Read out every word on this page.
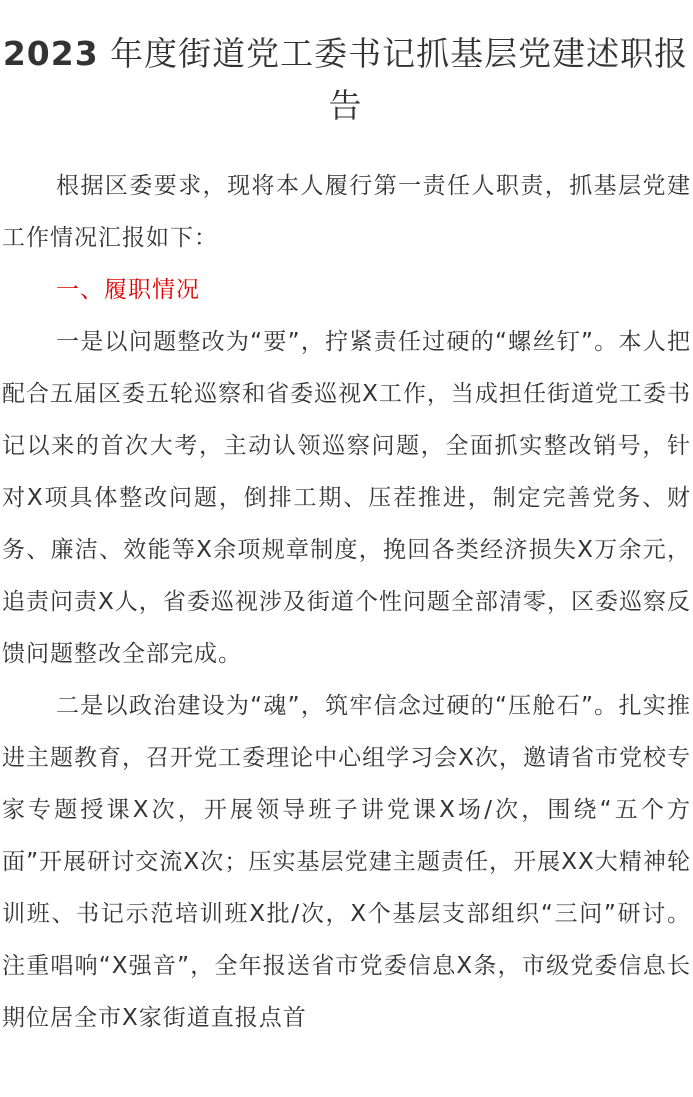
2023 年度街道党工委书记抓基层党建述职报告

根据区委要求，现将本人履行第一责任人职责，抓基层党建工作情况汇报如下：

一、履职情况

一是以问题整改为“要”，拧紧责任过硬的“螺丝钉”。本人把配合五届区委五轮巡察和省委巡视X工作，当成担任街道党工委书记以来的首次大考，主动认领巡察问题，全面抓实整改销号，针对X项具体整改问题，倒排工期、压茬推进，制定完善党务、财务、廉洁、效能等X余项规章制度，挽回各类经济损失X万余元，追责问责X人，省委巡视涉及街道个性问题全部清零，区委巡察反馈问题整改全部完成。

二是以政治建设为“魂”，筑牢信念过硬的“压舱石”。扎实推进主题教育，召开党工委理论中心组学习会X次，邀请省市党校专家专题授课X次，开展领导班子讲党课X场/次，围绕“五个方面”开展研讨交流X次；压实基层党建主题责任，开展XX大精神轮训班、书记示范培训班X批/次，X个基层支部组织“三问”研讨。注重唱响“X强音”，全年报送省市党委信息X条，市级党委信息长期位居全市X家街道直报点首
